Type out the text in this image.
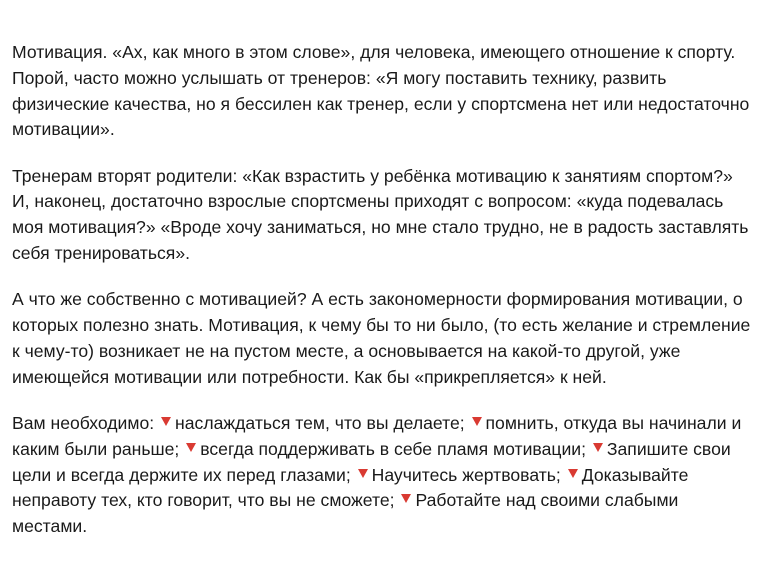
Мотивация. «Ах, как много в этом слове», для человека, имеющего отношение к спорту. Порой, часто можно услышать от тренеров: «Я могу поставить технику, развить физические качества, но я бессилен как тренер, если у спортсмена нет или недостаточно мотивации».

Тренерам вторят родители: «Как взрастить у ребёнка мотивацию к занятиям спортом?» И, наконец, достаточно взрослые спортсмены приходят с вопросом: «куда подевалась моя мотивация?» «Вроде хочу заниматься, но мне стало трудно, не в радость заставлять себя тренироваться».

А что же собственно с мотивацией? А есть закономерности формирования мотивации, о которых полезно знать. Мотивация, к чему бы то ни было, (то есть желание и стремление к чему-то) возникает не на пустом месте, а основывается на какой-то другой, уже имеющейся мотивации или потребности. Как бы «прикрепляется» к ней.

Вам необходимо: наслаждаться тем, что вы делаете; помнить, откуда вы начинали и каким были раньше; всегда поддерживать в себе пламя мотивации; Запишите свои цели и всегда держите их перед глазами; Научитесь жертвовать; Доказывайте неправоту тех, кто говорит, что вы не сможете; Работайте над своими слабыми местами.
